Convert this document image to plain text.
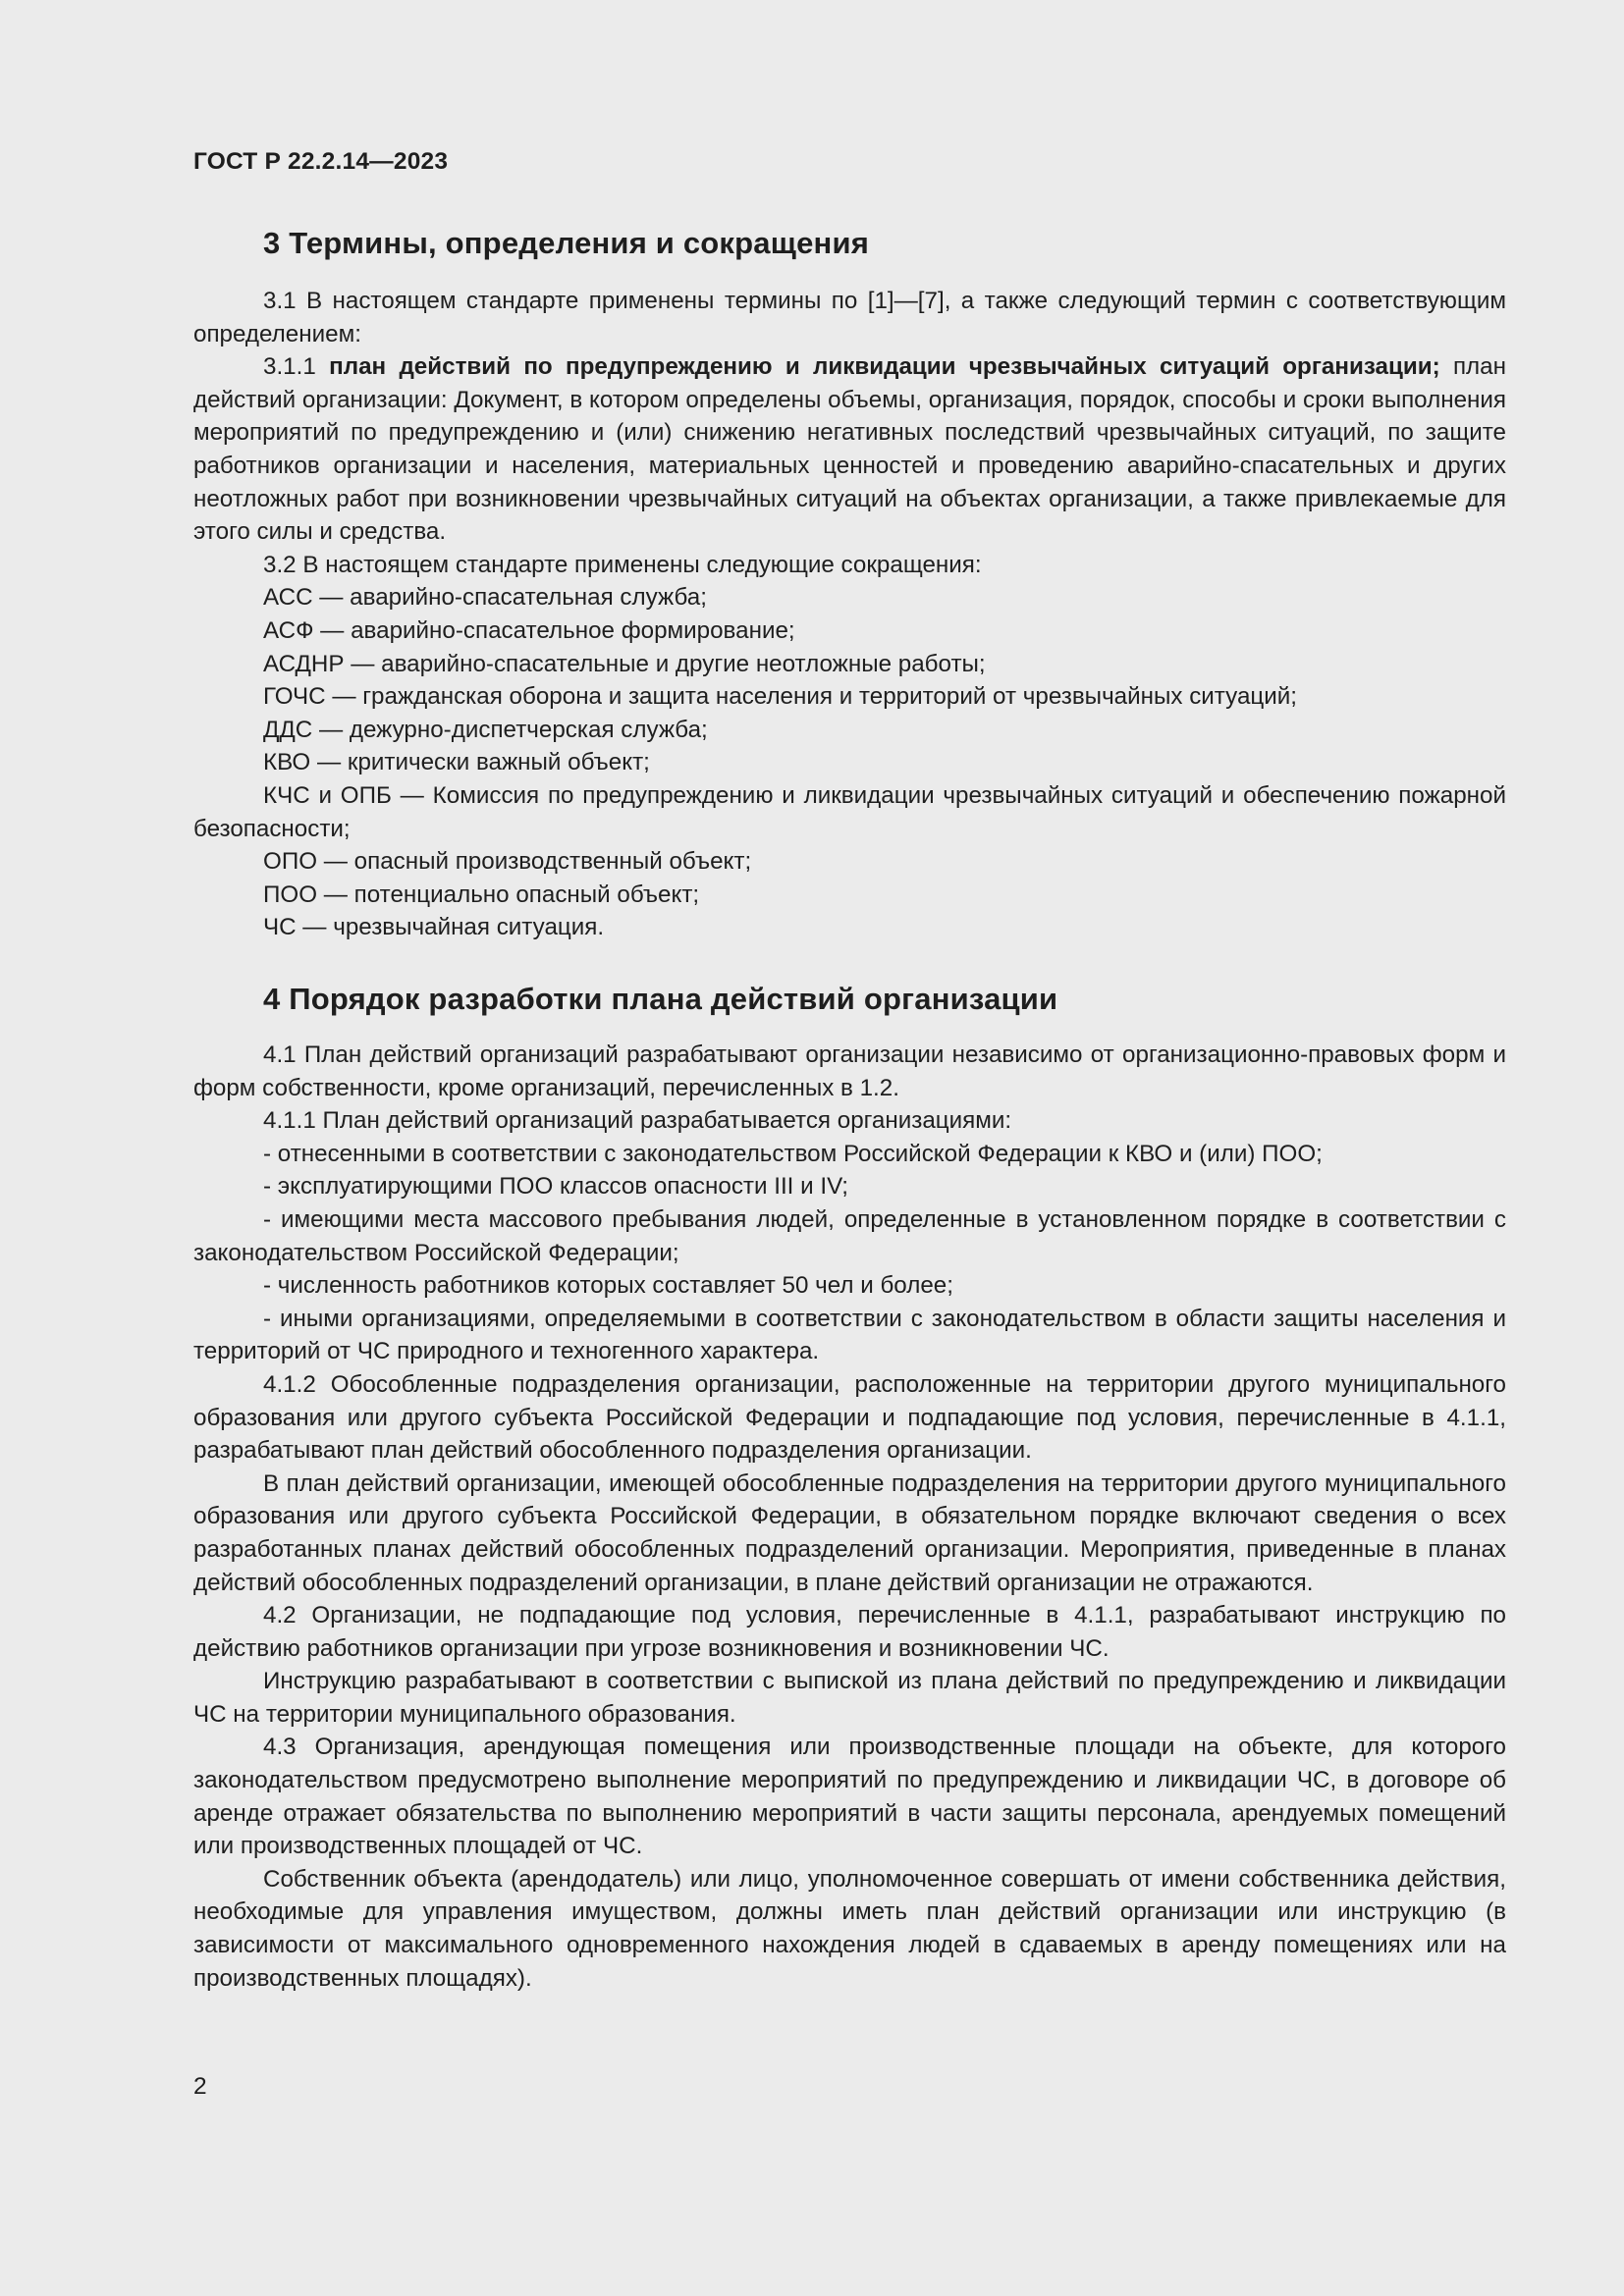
ГОСТ Р 22.2.14—2023
3 Термины, определения и сокращения

3.1 В настоящем стандарте применены термины по [1]—[7], а также следующий термин с соответствующим определением:

3.1.1 план действий по предупреждению и ликвидации чрезвычайных ситуаций организации; план действий организации: Документ, в котором определены объемы, организация, порядок, способы и сроки выполнения мероприятий по предупреждению и (или) снижению негативных последствий чрезвычайных ситуаций, по защите работников организации и населения, материальных ценностей и проведению аварийно-спасательных и других неотложных работ при возникновении чрезвычайных ситуаций на объектах организации, а также привлекаемые для этого силы и средства.

3.2 В настоящем стандарте применены следующие сокращения:

АСС — аварийно-спасательная служба;

АСФ — аварийно-спасательное формирование;

АСДНР — аварийно-спасательные и другие неотложные работы;

ГОЧС — гражданская оборона и защита населения и территорий от чрезвычайных ситуаций;

ДДС — дежурно-диспетчерская служба;

КВО — критически важный объект;

КЧС и ОПБ — Комиссия по предупреждению и ликвидации чрезвычайных ситуаций и обеспечению пожарной безопасности;

ОПО — опасный производственный объект;

ПОО — потенциально опасный объект;

ЧС — чрезвычайная ситуация.

4 Порядок разработки плана действий организации

4.1 План действий организаций разрабатывают организации независимо от организационно-правовых форм и форм собственности, кроме организаций, перечисленных в 1.2.

4.1.1 План действий организаций разрабатывается организациями:

- отнесенными в соответствии с законодательством Российской Федерации к КВО и (или) ПОО;

- эксплуатирующими ПОО классов опасности III и IV;

- имеющими места массового пребывания людей, определенные в установленном порядке в соответствии с законодательством Российской Федерации;

- численность работников которых составляет 50 чел и более;

- иными организациями, определяемыми в соответствии с законодательством в области защиты населения и территорий от ЧС природного и техногенного характера.

4.1.2 Обособленные подразделения организации, расположенные на территории другого муниципального образования или другого субъекта Российской Федерации и подпадающие под условия, перечисленные в 4.1.1, разрабатывают план действий обособленного подразделения организации.

В план действий организации, имеющей обособленные подразделения на территории другого муниципального образования или другого субъекта Российской Федерации, в обязательном порядке включают сведения о всех разработанных планах действий обособленных подразделений организации. Мероприятия, приведенные в планах действий обособленных подразделений организации, в плане действий организации не отражаются.

4.2 Организации, не подпадающие под условия, перечисленные в 4.1.1, разрабатывают инструкцию по действию работников организации при угрозе возникновения и возникновении ЧС.

Инструкцию разрабатывают в соответствии с выпиской из плана действий по предупреждению и ликвидации ЧС на территории муниципального образования.

4.3 Организация, арендующая помещения или производственные площади на объекте, для которого законодательством предусмотрено выполнение мероприятий по предупреждению и ликвидации ЧС, в договоре об аренде отражает обязательства по выполнению мероприятий в части защиты персонала, арендуемых помещений или производственных площадей от ЧС.

Собственник объекта (арендодатель) или лицо, уполномоченное совершать от имени собственника действия, необходимые для управления имуществом, должны иметь план действий организации или инструкцию (в зависимости от максимального одновременного нахождения людей в сдаваемых в аренду помещениях или на производственных площадях).

2
